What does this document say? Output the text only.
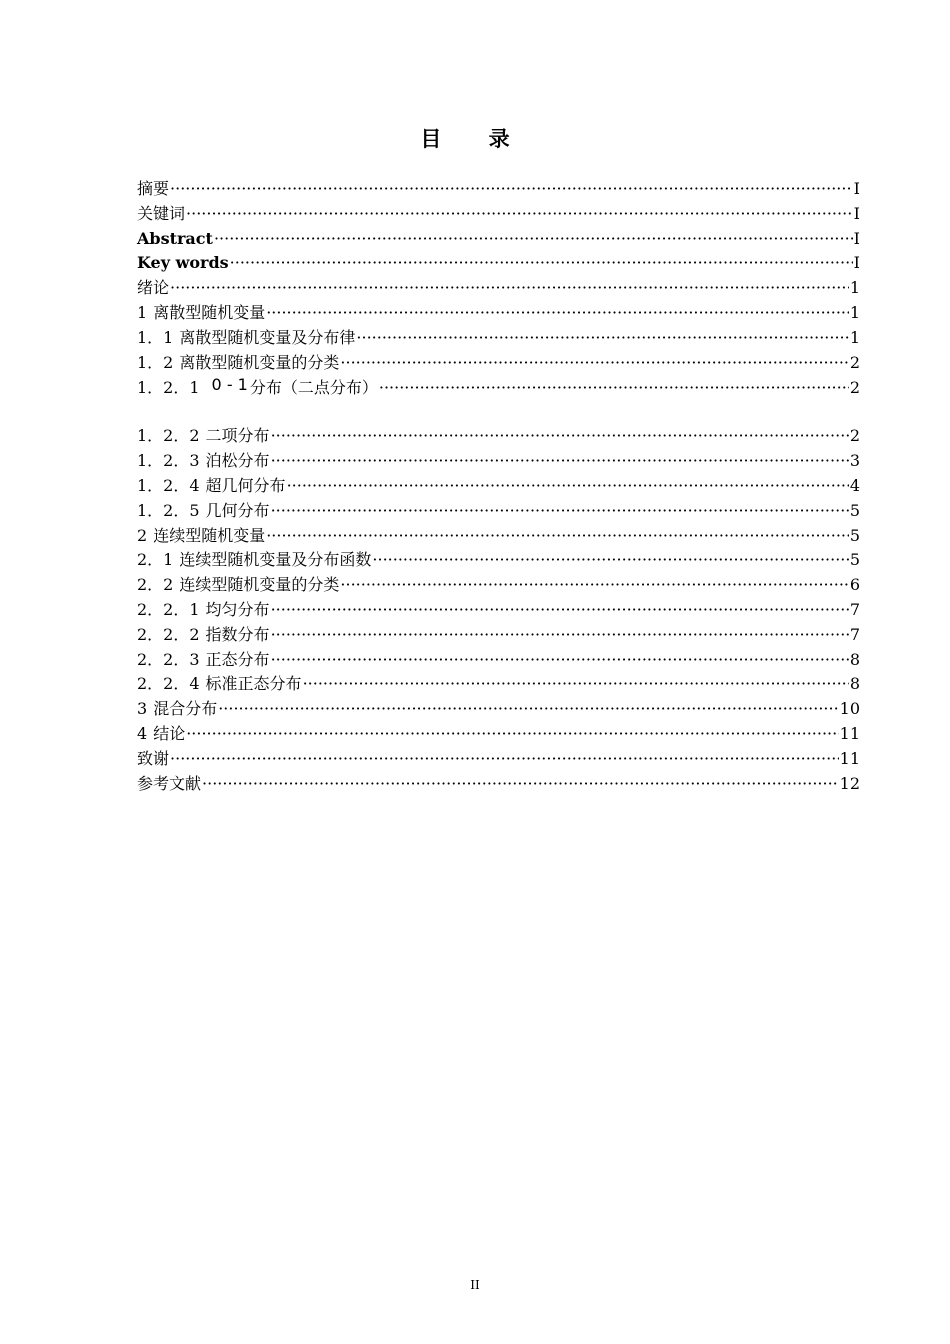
目 录
摘要 ·····	I
关键词 ·····	I
Abstract ·····	I
Key words ·····	I
绪论 ·····	1
1 离散型随机变量 ·····	1
1．1 离散型随机变量及分布律 ·····	1
1．2 离散型随机变量的分类 ·····	2
1．2．1 0 - 1 分布（二点分布） ·····	2
1．2．2 二项分布 ·····	2
1．2．3 泊松分布 ·····	3
1．2．4 超几何分布 ·····	4
1．2．5 几何分布 ·····	5
2 连续型随机变量 ·····	5
2．1 连续型随机变量及分布函数 ·····	5
2．2 连续型随机变量的分类 ·····	6
2．2．1 均匀分布 ·····	7
2．2．2 指数分布 ·····	7
2．2．3 正态分布 ·····	8
2．2．4 标准正态分布 ·····	8
3 混合分布 ·····	10
4 结论 ·····	11
致谢 ·····	11
参考文献 ·····	12
II
